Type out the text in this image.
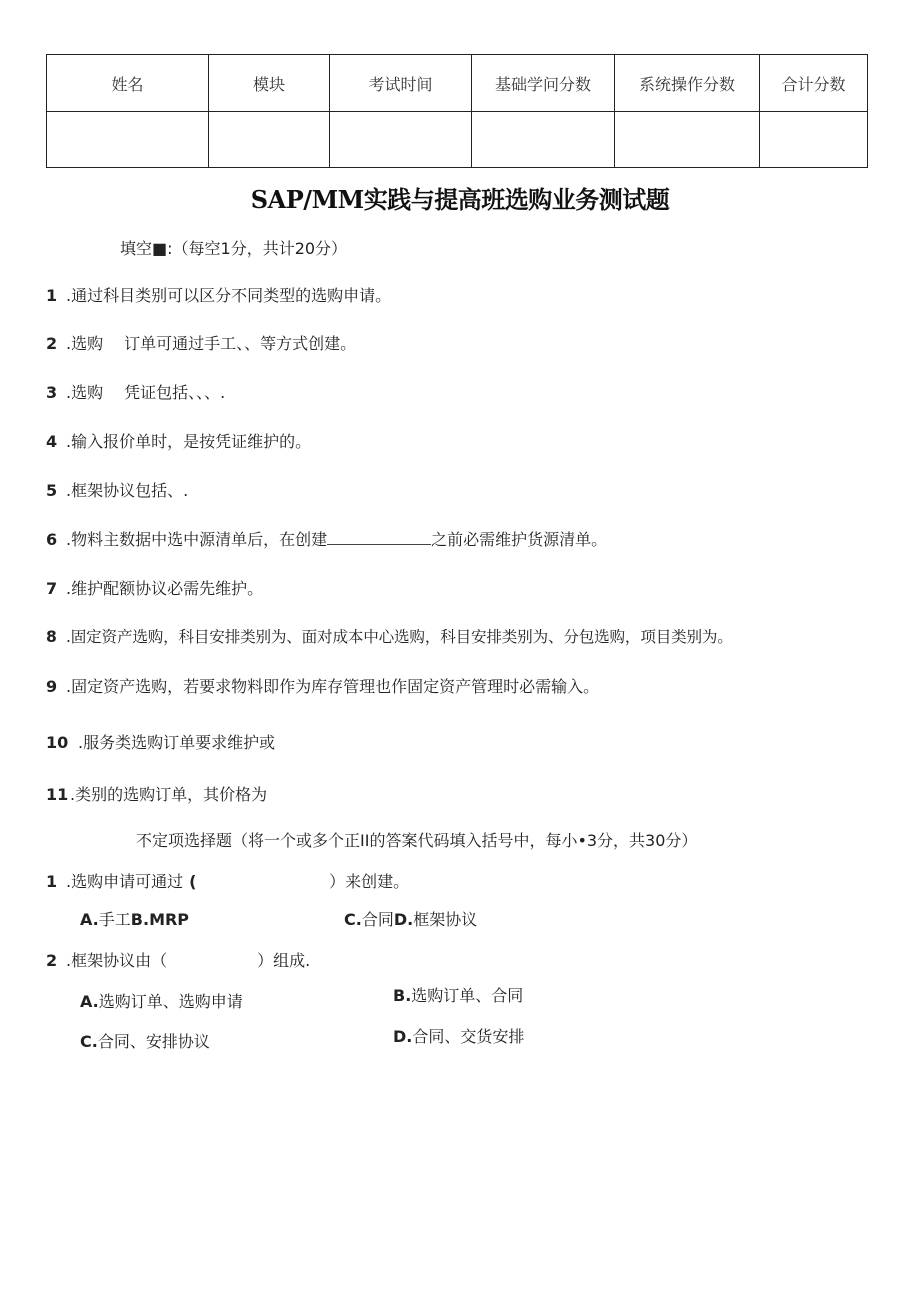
姓名	模块	考试时间	基础学问分数	系统操作分数	合计分数

SAP/MM实践与提高班选购业务测试题
填空■:（每空1分，共计20分）
1 .通过科目类别可以区分不同类型的选购申请。
2 .选购　 订单可通过手工、、等方式创建。
3 .选购　 凭证包括、、、.
4 .输入报价单时，是按凭证维护的。
5 .框架协议包括、.
6 .物料主数据中选中源清单后，在创建	之前必需维护货源清单。
7 .维护配额协议必需先维护。
8 .固定资产选购，科目安排类别为、面对成本中心选购，科目安排类别为、分包选购，项目类别为。
9 .固定资产选购，若要求物料即作为库存管理也作固定资产管理时必需输入。
10 .服务类选购订单要求维护或
11 .类别的选购订单，其价格为
不定项选择题（将一个或多个正II的答案代码填入括号中，每小•3分，共30分）
1 .选购申请可通过 (	）来创建。
A.手工B.MRP	C.合同D.框架协议
2 .框架协议由（	）组成.
A.选购订单、选购申请	B.选购订单、合同
C.合同、安排协议	D.合同、交货安排
